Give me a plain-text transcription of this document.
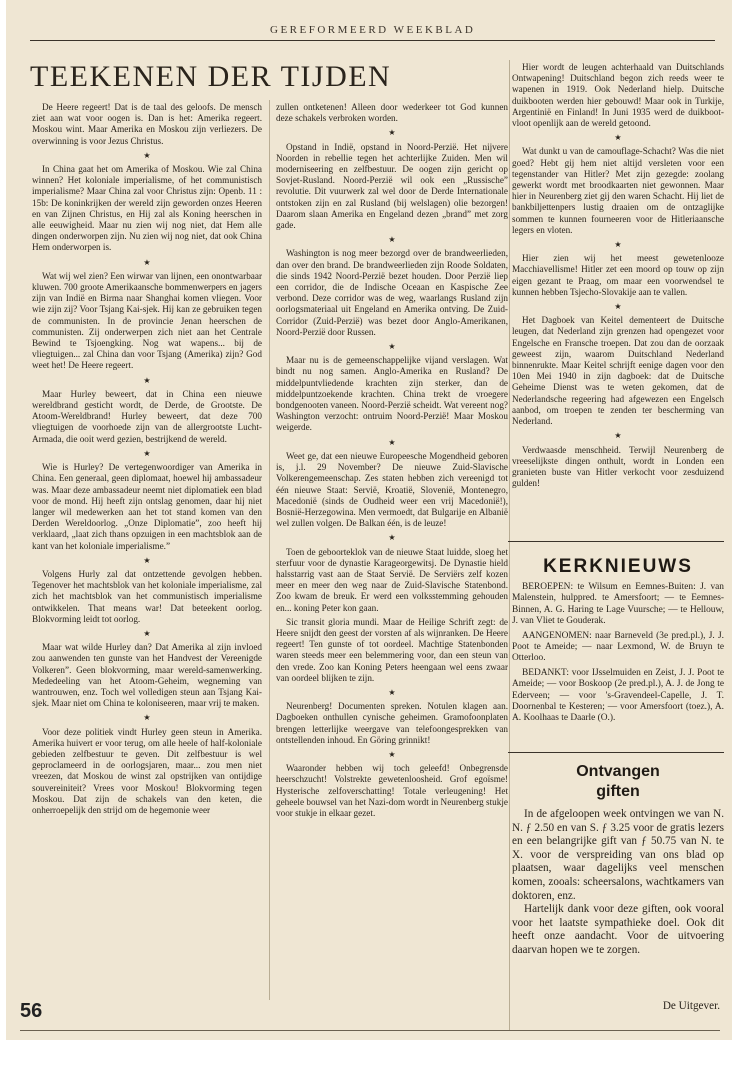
GEREFORMEERD WEEKBLAD
TEEKENEN DER TIJDEN

De Heere regeert! Dat is de taal des geloofs. De mensch ziet aan wat voor oogen is. Dan is het: Amerika regeert. Moskou wint. Maar Amerika en Moskou zijn verliezers. De overwinning is voor Jezus Christus.

★

In China gaat het om Amerika of Moskou. Wie zal China winnen? Het koloniale imperialisme, of het communistisch imperialisme? Maar China zal voor Christus zijn: Openb. 11 : 15b: De koninkrijken der wereld zijn geworden onzes Heeren en van Zijnen Christus, en Hij zal als Koning heerschen in alle eeuwigheid. Maar nu zien wij nog niet, dat Hem alle dingen onderworpen zijn. Nu zien wij nog niet, dat ook China Hem onderworpen is.

★

Wat wij wel zien? Een wirwar van lijnen, een onontwarbaar kluwen. 700 groote Amerikaansche bommenwerpers en jagers zijn van Indië en Birma naar Shanghai komen vliegen. Voor wie zijn zij? Voor Tsjang Kai-sjek. Hij kan ze gebruiken tegen de communisten. In de provincie Jenan heerschen de communisten. Zij onderwerpen zich niet aan het Centrale Bewind te Tsjoengking. Nog wat wapens... bij de vliegtuigen... zal China dan voor Tsjang (Amerika) zijn? God weet het! De Heere regeert.

★

Maar Hurley beweert, dat in China een nieuwe wereldbrand gesticht wordt, de Derde, de Grootste. De Atoom-Wereldbrand! Hurley beweert, dat deze 700 vliegtuigen de voorhoede zijn van de allergrootste Lucht-Armada, die ooit werd gezien, bestrijkend de wereld.

★

Wie is Hurley? De vertegenwoordiger van Amerika in China. Een generaal, geen diplomaat, hoewel hij ambassadeur was. Maar deze ambassadeur neemt niet diplomatiek een blad voor de mond. Hij heeft zijn ontslag genomen, daar hij niet langer wil medewerken aan het tot stand komen van den Derden Wereldoorlog. „Onze Diplomatie”, zoo heeft hij verklaard, „laat zich thans opzuigen in een machtsblok aan de kant van het koloniale imperialisme.”

★

Volgens Hurly zal dat ontzettende gevolgen hebben. Tegenover het machtsblok van het koloniale imperialisme, zal zich het machtsblok van het communistisch imperialisme ontwikkelen. That means war! Dat beteekent oorlog. Blokvorming leidt tot oorlog.

★

Maar wat wilde Hurley dan? Dat Amerika al zijn invloed zou aanwenden ten gunste van het Handvest der Vereenigde Volkeren”. Geen blokvorming, maar wereld-samenwerking. Mededeeling van het Atoom-Geheim, wegneming van wantrouwen, enz. Toch wel volledigen steun aan Tsjang Kai-sjek. Maar niet om China te koloniseeren, maar vrij te maken.

★

Voor deze politiek vindt Hurley geen steun in Amerika. Amerika huivert er voor terug, om alle heele of half-koloniale gebieden zelfbestuur te geven. Dit zelfbestuur is wel geproclameerd in de oorlogsjaren, maar... zou men niet vreezen, dat Moskou de winst zal opstrijken van ontijdige souvereiniteit? Vrees voor Moskou! Blokvorming tegen Moskou. Dat zijn de schakels van den keten, die onherroepelijk den strijd om de hegemonie weer

zullen ontketenen! Alleen door wederkeer tot God kunnen deze schakels verbroken worden.

★

Opstand in Indië, opstand in Noord-Perzië. Het nijvere Noorden in rebellie tegen het achterlijke Zuiden. Men wil moderniseering en zelfbestuur. De oogen zijn gericht op Sovjet-Rusland. Noord-Perzië wil ook een „Russische” revolutie. Dit vuurwerk zal wel door de Derde Internationale ontstoken zijn en zal Rusland (bij welslagen) olie bezorgen! Daarom slaan Amerika en Engeland dezen „brand” met zorg gade.

★

Washington is nog meer bezorgd over de brandweerlieden, dan over den brand. De brandweerlieden zijn Roode Soldaten, die sinds 1942 Noord-Perzië bezet houden. Door Perzië liep een corridor, die de Indische Oceaan en Kaspische Zee verbond. Deze corridor was de weg, waarlangs Rusland zijn oorlogsmateriaal uit Engeland en Amerika ontving. De Zuid-Corridor (Zuid-Perzië) was bezet door Anglo-Amerikanen, Noord-Perzië door Russen.

★

Maar nu is de gemeenschappelijke vijand verslagen. Wat bindt nu nog samen. Anglo-Amerika en Rusland? De middelpuntvliedende krachten zijn sterker, dan de middelpuntzoekende krachten. China trekt de vroegere bondgenooten vaneen. Noord-Perzië scheidt. Wat vereent nog? Washington verzocht: ontruim Noord-Perzië! Maar Moskou weigerde.

★

Weet ge, dat een nieuwe Europeesche Mogendheid geboren is, j.l. 29 November? De nieuwe Zuid-Slavische Volkerengemeenschap. Zes staten hebben zich vereenigd tot één nieuwe Staat: Servië, Kroatië, Slovenië, Montenegro, Macedonië (sinds de Oudheid weer een vrij Macedonië!), Bosnië-Herzegowina. Men vermoedt, dat Bulgarije en Albanië wel zullen volgen. De Balkan één, is de leuze!

★

Toen de geboorteklok van de nieuwe Staat luidde, sloeg het sterfuur voor de dynastie Karageorgewitsj. De Dynastie hield halsstarrig vast aan de Staat Servië. De Serviërs zelf kozen meer en meer den weg naar de Zuid-Slavische Statenbond. Zoo kwam de breuk. Er werd een volksstemming gehouden en... koning Peter kon gaan.

Sic transit gloria mundi. Maar de Heilige Schrift zegt: de Heere snijdt den geest der vorsten af als wijnranken. De Heere regeert! Ten gunste of tot oordeel. Machtige Statenbonden waren steeds meer een belemmering voor, dan een steun van den vrede. Zoo kan Koning Peters heengaan wel eens zwaar van oordeel blijken te zijn.

★

Neurenberg! Documenten spreken. Notulen klagen aan. Dagboeken onthullen cynische geheimen. Gramofoonplaten brengen letterlijke weergave van telefoongesprekken van ontstellenden inhoud. En Göring grinnikt!

★

Waaronder hebben wij toch geleefd! Onbegrensde heerschzucht! Volstrekte gewetenloosheid. Grof egoïsme! Hysterische zelfoverschatting! Totale verleugening! Het geheele bouwsel van het Nazi-dom wordt in Neurenberg stukje voor stukje in elkaar gezet.

Hier wordt de leugen achterhaald van Duitschlands Ontwapening! Duitschland begon zich reeds weer te wapenen in 1919. Ook Nederland hielp. Duitsche duikbooten werden hier gebouwd! Maar ook in Turkije, Argentinië en Finland! In Juni 1935 werd de duikboot-vloot openlijk aan de wereld getoond.

★

Wat dunkt u van de camouflage-Schacht? Was die niet goed? Hebt gij hem niet altijd versleten voor een tegenstander van Hitler? Met zijn gezegde: zoolang gewerkt wordt met broodkaarten niet gewonnen. Maar hier in Neurenberg ziet gij den waren Schacht. Hij liet de bankbiljettenpers lustig draaien om de ontzaglijke sommen te kunnen fourneeren voor de Hitleriaansche legers en vloten.

★

Hier zien wij het meest gewetenlooze Macchiavellisme! Hitler zet een moord op touw op zijn eigen gezant te Praag, om maar een voorwendsel te kunnen hebben Tsjecho-Slovakije aan te vallen.

★

Het Dagboek van Keitel dementeert de Duitsche leugen, dat Nederland zijn grenzen had opengezet voor Engelsche en Fransche troepen. Dat zou dan de oorzaak geweest zijn, waarom Duitschland Nederland binnenrukte. Maar Keitel schrijft eenige dagen voor den 10en Mei 1940 in zijn dagboek: dat de Duitsche Geheime Dienst was te weten gekomen, dat de Nederlandsche regeering had afgewezen een Engelsch aanbod, om troepen te zenden ter bescherming van Nederland.

★

Verdwaasde menschheid. Terwijl Neurenberg de vreeselijkste dingen onthult, wordt in Londen een granieten buste van Hitler verkocht voor zesduizend gulden!

KERKNIEUWS

BEROEPEN: te Wilsum en Eemnes-Buiten: J. van Malenstein, hulppred. te Amersfoort; — te Eemnes-Binnen, A. G. Haring te Lage Vuursche; — te Hellouw, J. van Vliet te Gouderak.

AANGENOMEN: naar Barneveld (3e pred.pl.), J. J. Poot te Ameide; — naar Lexmond, W. de Bruyn te Otterloo.

BEDANKT: voor IJsselmuiden en Zeist, J. J. Poot te Ameide; — voor Boskoop (2e pred.pl.), A. J. de Jong te Ederveen; — voor 's-Gravendeel-Capelle, J. T. Doornenbal te Kesteren; — voor Amersfoort (toez.), A. A. Koolhaas te Daarle (O.).

Ontvangen
giften

In de afgeloopen week ontvingen we van N. N. ƒ 2.50 en van S. ƒ 3.25 voor de gratis lezers en een belangrijke gift van ƒ 50.75 van N. te X. voor de verspreiding van ons blad op plaatsen, waar dagelijks veel menschen komen, zooals: scheersalons, wachtkamers van doktoren, enz.

Hartelijk dank voor deze giften, ook vooral voor het laatste sympathieke doel. Ook dit heeft onze aandacht. Voor de uitvoering daarvan hopen we te zorgen.

De Uitgever.
56
